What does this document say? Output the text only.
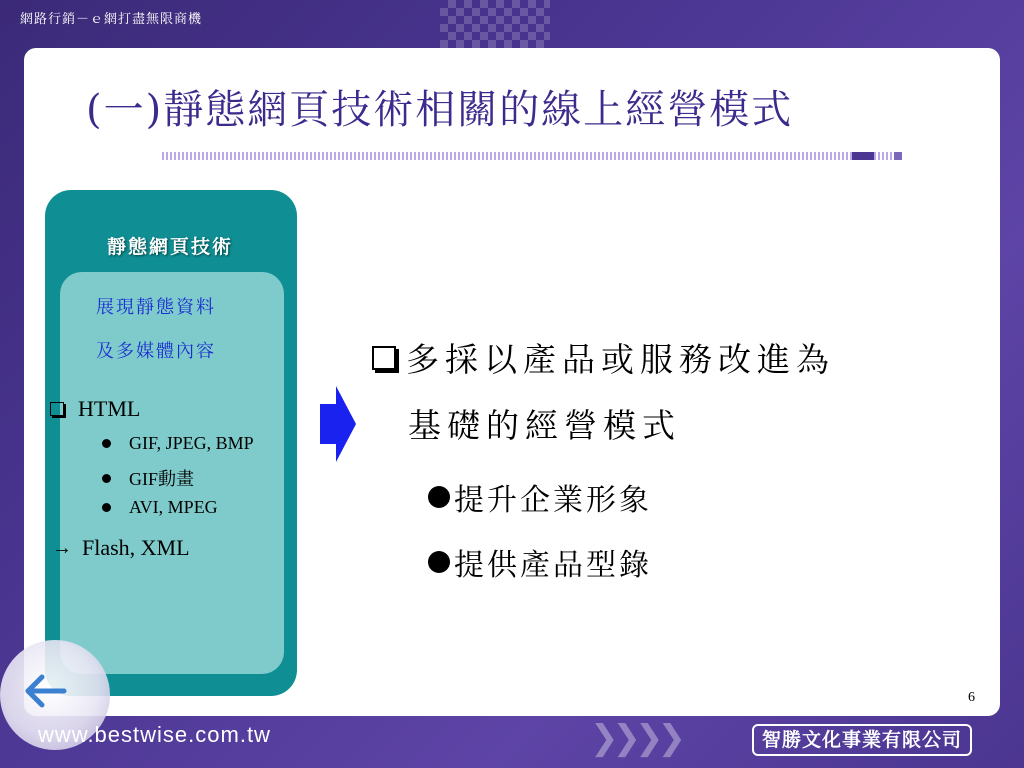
網路行銷－ｅ網打盡無限商機
(一)靜態網頁技術相關的線上經營模式
靜態網頁技術
展現靜態資料
及多媒體內容
HTML
GIF, JPEG, BMP
GIF動畫
AVI, MPEG
→ Flash, XML
多採以產品或服務改進為
基礎的經營模式
提升企業形象
提供產品型錄
6
www.bestwise.com.tw	❯❯❯❯	智勝文化事業有限公司
